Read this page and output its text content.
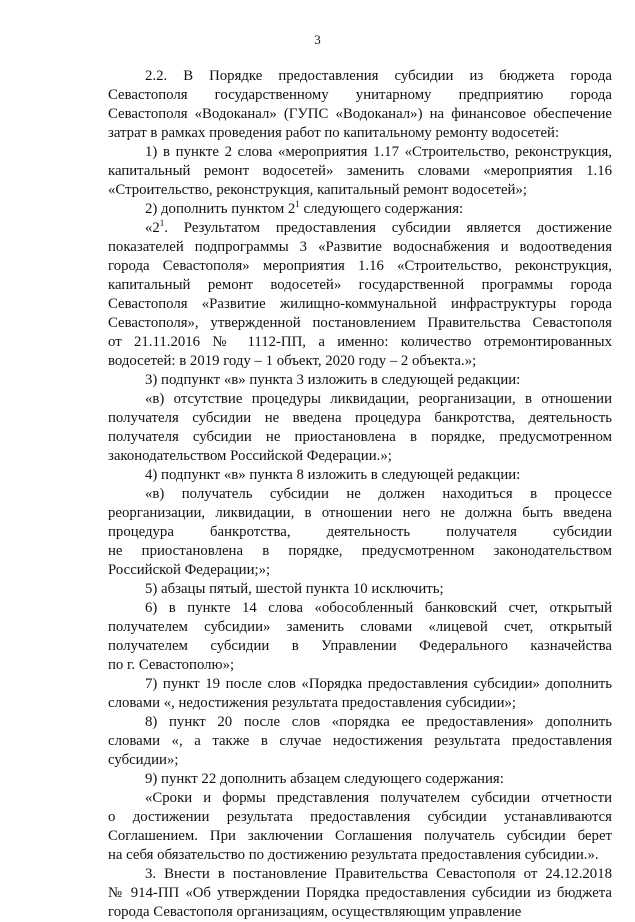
3
2.2. В Порядке предоставления субсидии из бюджета города
Севастополя государственному унитарному предприятию города
Севастополя «Водоканал» (ГУПС «Водоканал») на финансовое обеспечение
затрат в рамках проведения работ по капитальному ремонту водосетей:
1) в пункте 2 слова «мероприятия 1.17 «Строительство, реконструкция,
капитальный ремонт водосетей» заменить словами «мероприятия 1.16
«Строительство, реконструкция, капитальный ремонт водосетей»;
2) дополнить пунктом $2^1$ следующего содержания:
«$2^1$. Результатом предоставления субсидии является достижение
показателей подпрограммы 3 «Развитие водоснабжения и водоотведения
города Севастополя» мероприятия 1.16 «Строительство, реконструкция,
капитальный ремонт водосетей» государственной программы города
Севастополя «Развитие жилищно-коммунальной инфраструктуры города
Севастополя», утвержденной постановлением Правительства Севастополя
от 21.11.2016 № 1112-ПП, а именно: количество отремонтированных
водосетей: в 2019 году – 1 объект, 2020 году – 2 объекта.»;
3) подпункт «в» пункта 3 изложить в следующей редакции:
«в) отсутствие процедуры ликвидации, реорганизации, в отношении
получателя субсидии не введена процедура банкротства, деятельность
получателя субсидии не приостановлена в порядке, предусмотренном
законодательством Российской Федерации.»;
4) подпункт «в» пункта 8 изложить в следующей редакции:
«в) получатель субсидии не должен находиться в процессе
реорганизации, ликвидации, в отношении него не должна быть введена
процедура банкротства, деятельность получателя субсидии
не приостановлена в порядке, предусмотренном законодательством
Российской Федерации;»;
5) абзацы пятый, шестой пункта 10 исключить;
6) в пункте 14 слова «обособленный банковский счет, открытый
получателем субсидии» заменить словами «лицевой счет, открытый
получателем субсидии в Управлении Федерального казначейства
по г. Севастополю»;
7) пункт 19 после слов «Порядка предоставления субсидии» дополнить
словами «, недостижения результата предоставления субсидии»;
8) пункт 20 после слов «порядка ее предоставления» дополнить
словами «, а также в случае недостижения результата предоставления
субсидии»;
9) пункт 22 дополнить абзацем следующего содержания:
«Сроки и формы представления получателем субсидии отчетности
о достижении результата предоставления субсидии устанавливаются
Соглашением. При заключении Соглашения получатель субсидии берет
на себя обязательство по достижению результата предоставления субсидии.».
3. Внести в постановление Правительства Севастополя от 24.12.2018
№ 914-ПП «Об утверждении Порядка предоставления субсидии из бюджета
города Севастополя организациям, осуществляющим управление
